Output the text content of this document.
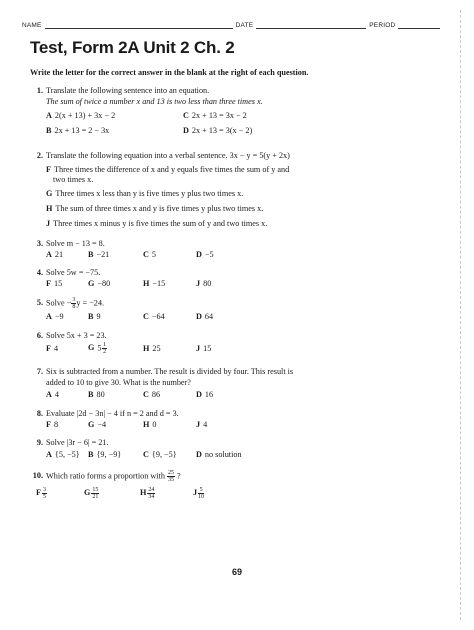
NAME	DATE	PERIOD
Test, Form 2A Unit 2 Ch. 2
Write the letter for the correct answer in the blank at the right of each question.
1. Translate the following sentence into an equation.
The sum of twice a number x and 13 is two less than three times x.
A 2(x + 13) + 3x − 2	C 2x + 13 = 3x − 2
B 2x + 13 = 2 − 3x	D 2x + 13 = 3(x − 2)
2. Translate the following equation into a verbal sentence. 3x − y = 5(y + 2x)
F Three times the difference of x and y equals five times the sum of y and
two times x.
G Three times x less than y is five times y plus two times x.
H The sum of three times x and y is five times y plus two times x.
J Three times x minus y is five times the sum of y and two times x.
3. Solve m − 13 = 8.
A 21	B −21	C 5	D −5
4. Solve 5w = −75.
F 15	G −80	H −15	J 80
5. Solve − $\frac{3}{8}$ y = −24.
A −9	B 9	C −64	D 64
6. Solve 5x + 3 = 23.
F 4	G 5  $\frac{1}{2}$	H 25	J 15
7. Six is subtracted from a number. The result is divided by four. This result is
added to 10 to give 30. What is the number?
A 4	B 80	C 86	D 16
8. Evaluate |2d − 3n| − 4 if n = 2 and d = 3.
F 8	G −4	H 0	J 4
9. Solve |3r − 6| = 21.
A {5, −5} B {9, −9}	C {9, −5} D no solution
10. Which ratio forms a proportion with $\frac{25}{35}$ ?
F $\frac{3}{5}$	G $\frac{15}{21}$	H $\frac{24}{34}$	J $\frac{5}{10}$
69
